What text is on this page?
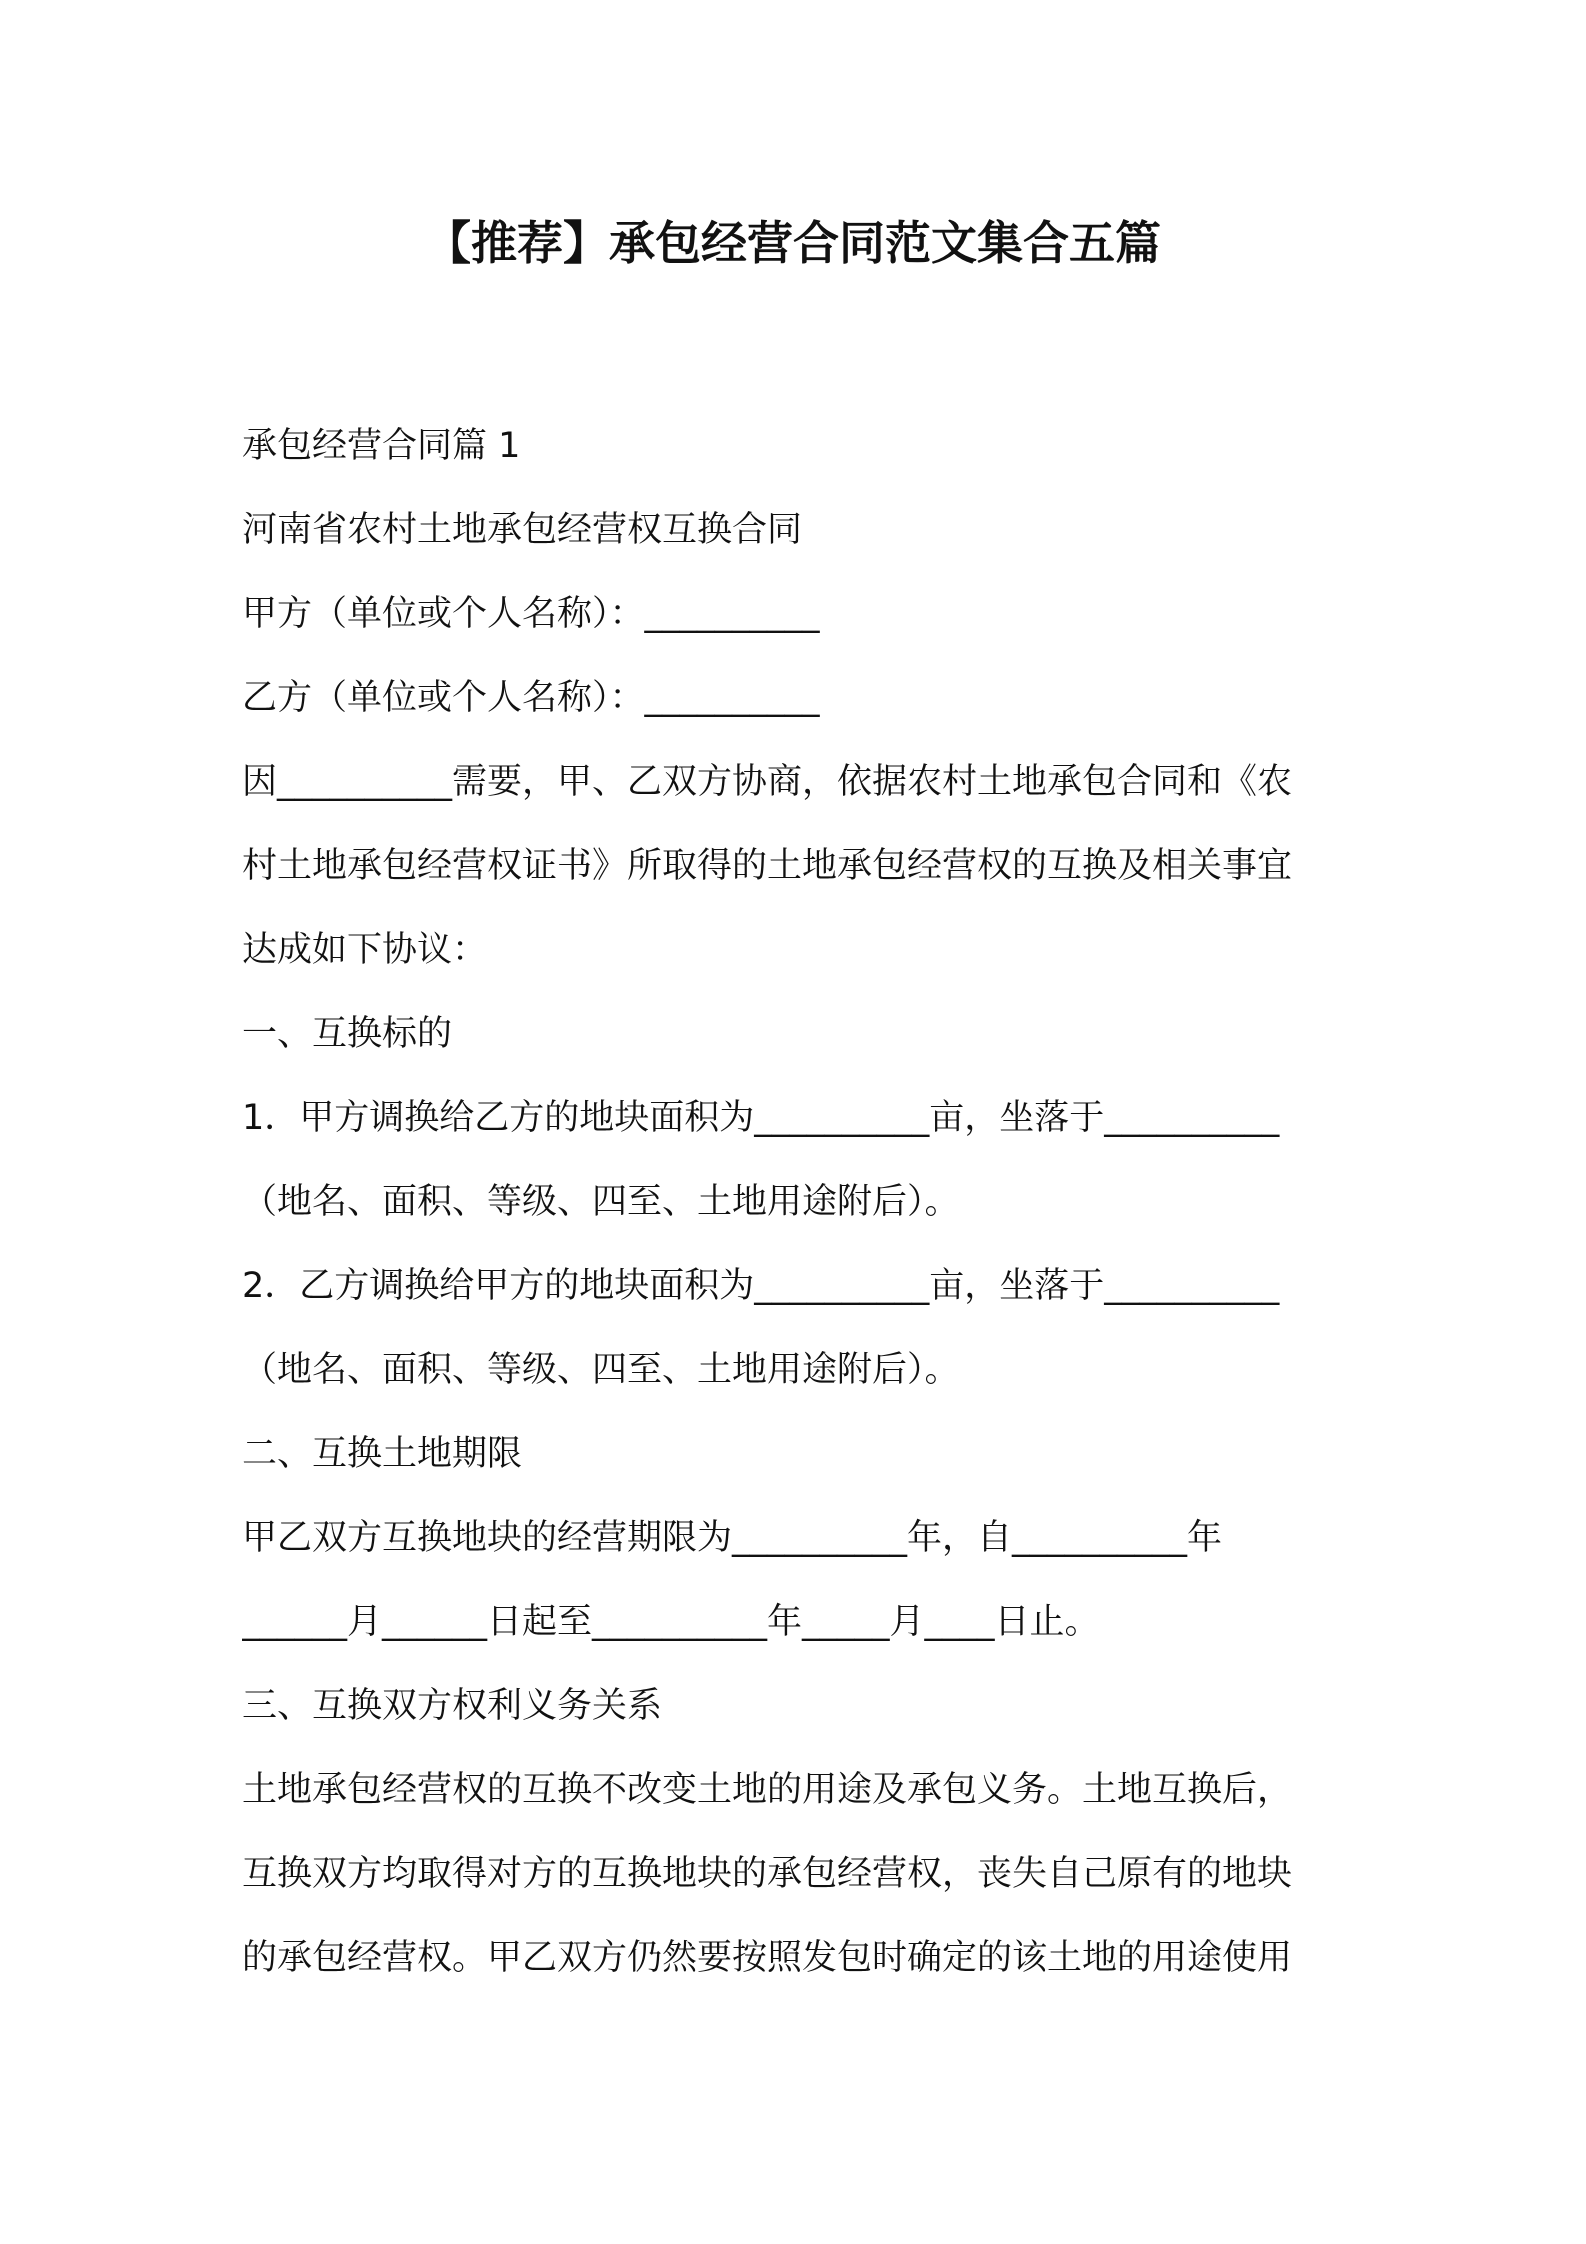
【推荐】承包经营合同范文集合五篇
承包经营合同篇 1
河南省农村土地承包经营权互换合同
甲方（单位或个人名称）：__________
乙方（单位或个人名称）：__________
因__________需要，甲、乙双方协商，依据农村土地承包合同和《农
村土地承包经营权证书》所取得的土地承包经营权的互换及相关事宜
达成如下协议：
一、互换标的
1．甲方调换给乙方的地块面积为__________亩，坐落于__________
（地名、面积、等级、四至、土地用途附后）。
2．乙方调换给甲方的地块面积为__________亩，坐落于__________
（地名、面积、等级、四至、土地用途附后）。
二、互换土地期限
甲乙双方互换地块的经营期限为__________年，自__________年
______月______日起至__________年_____月____日止。
三、互换双方权利义务关系
土地承包经营权的互换不改变土地的用途及承包义务。土地互换后，
互换双方均取得对方的互换地块的承包经营权，丧失自己原有的地块
的承包经营权。甲乙双方仍然要按照发包时确定的该土地的用途使用
